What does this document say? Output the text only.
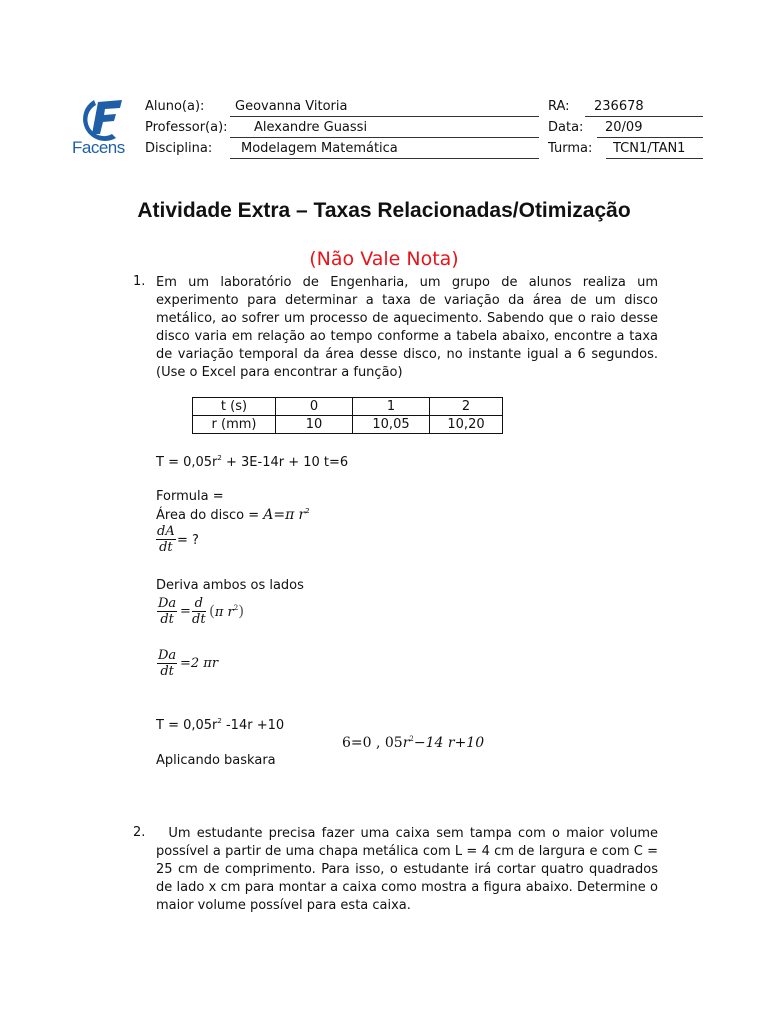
Facens
Aluno(a): Geovanna Vitoria
Professor(a): Alexandre Guassi
Disciplina: Modelagem Matemática
RA: 236678
Data: 20/09
Turma: TCN1/TAN1
Atividade Extra – Taxas Relacionadas/Otimização
(Não Vale Nota)
1. Em um laboratório de Engenharia, um grupo de alunos realiza um experimento para determinar a taxa de variação da área de um disco metálico, ao sofrer um processo de aquecimento. Sabendo que o raio desse disco varia em relação ao tempo conforme a tabela abaixo, encontre a taxa de variação temporal da área desse disco, no instante igual a 6 segundos. (Use o Excel para encontrar a função)
t (s)	0	1	2
r (mm)	10	10,05	10,20
$T = 0,05r^2 + 3E-14r + 10$ t=6
Formula =
Área do disco = A=π $r^2$
$\frac{dA}{dt}$ = ?
Deriva ambos os lados
$\frac{Da}{dt} = \frac{d}{dt} (\pi$ $r^2$)
$\frac{Da}{dt} =2$ πr
$T = 0,05r^2$ -14r +10
6=0 , $05r^2-14$ r+10
Aplicando baskara
2. Um estudante precisa fazer uma caixa sem tampa com o maior volume possível a partir de uma chapa metálica com L = 4 cm de largura e com C = 25 cm de comprimento. Para isso, o estudante irá cortar quatro quadrados de lado x cm para montar a caixa como mostra a figura abaixo. Determine o maior volume possível para esta caixa.
